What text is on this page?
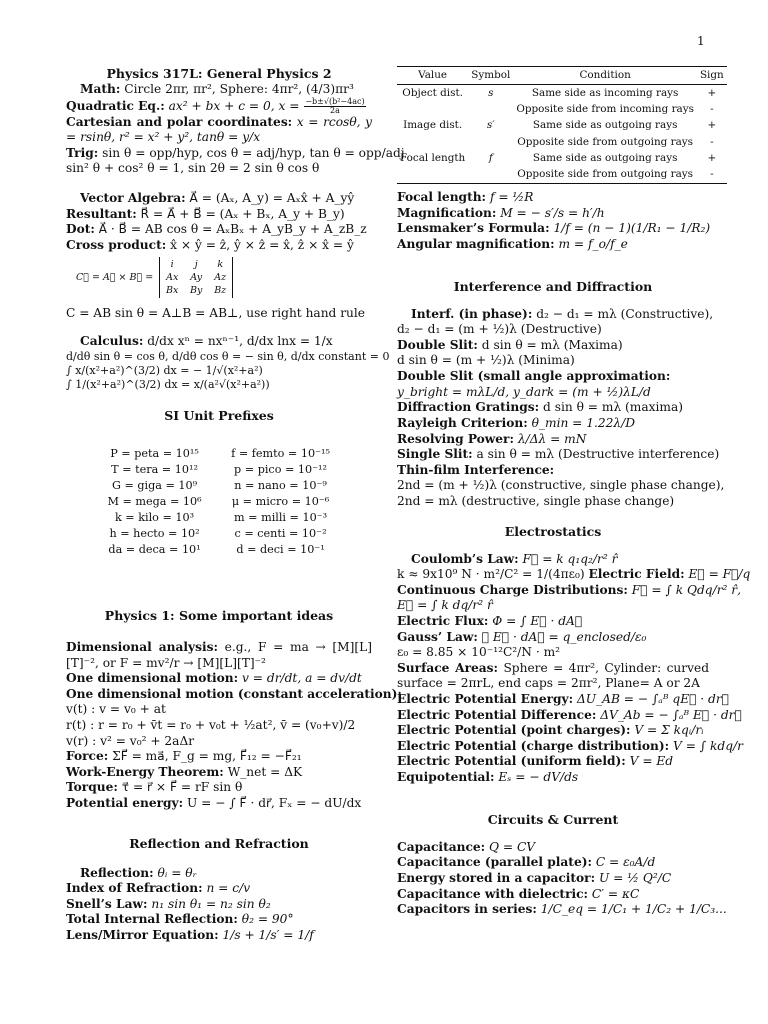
1
Physics 317L: General Physics 2
Math: Circle 2πr, πr², Sphere: 4πr², (4/3)πr³
Quadratic Eq.: ax² + bx + c = 0, $x = \frac{\text{−b±√(b²−4ac)}}{2a}$
Cartesian and polar coordinates: x = rcosθ, y = rsinθ, r² = x² + y², tanθ = y/x
Trig: sin θ = opp/hyp, cos θ = adj/hyp, tan θ = opp/adj
sin² θ + cos² θ = 1, sin 2θ = 2 sin θ cos θ
Vector Algebra: A⃗ = (Aₓ, A_y) = Aₓx̂ + A_yŷ
Resultant: R⃗ = A⃗ + B⃗ = (Aₓ + Bₓ, A_y + B_y)
Dot: A⃗ · B⃗ = AB cos θ = AₓBₓ + A_yB_y + A_zB_z
Cross product: x̂ × ŷ = ẑ, ŷ × ẑ = x̂, ẑ × x̂ = ŷ
C⃗ = A⃗ × B⃗ =
i	j	k
Ax	Ay	Az
Bx	By	Bz
C = AB sin θ = A⊥B = AB⊥, use right hand rule
Calculus: d/dx xⁿ = nxⁿ⁻¹, d/dx lnx = 1/x
d/dθ sin θ = cos θ, d/dθ cos θ = − sin θ, d/dx constant = 0
∫ x/(x²+a²)^(3/2) dx = − 1/√(x²+a²)
∫ 1/(x²+a²)^(3/2) dx = x/(a²√(x²+a²))
SI Unit Prefixes
P = peta = 10¹⁵	f = femto = 10⁻¹⁵
T = tera = 10¹²	p = pico = 10⁻¹²
G = giga = 10⁹	n = nano = 10⁻⁹
M = mega = 10⁶	μ = micro = 10⁻⁶
k = kilo = 10³	m = milli = 10⁻³
h = hecto = 10²	c = centi = 10⁻²
da = deca = 10¹	d = deci = 10⁻¹
Physics 1: Some important ideas
Dimensional analysis: e.g., F = ma → [M][L][T]⁻², or F = mv²/r → [M][L][T]⁻²
One dimensional motion: v = dr/dt, a = dv/dt
One dimensional motion (constant acceleration):
v(t) : v = v₀ + at
r(t) : r = r₀ + v̄t = r₀ + v₀t + ½at², v̄ = (v₀+v)/2
v(r) : v² = v₀² + 2aΔr
Force: ΣF⃗ = ma⃗, F_g = mg, F⃗₁₂ = −F⃗₂₁
Work-Energy Theorem: W_net = ΔK
Torque: τ⃗ = r⃗ × F⃗ = rF sin θ
Potential energy: U = − ∫ F⃗ · dr⃗, Fₓ = − dU/dx
Reflection and Refraction
Reflection: θᵢ = θᵣ
Index of Refraction: n = c/v
Snell’s Law: n₁ sin θ₁ = n₂ sin θ₂
Total Internal Reflection: θ₂ = 90°
Lens/Mirror Equation: 1/s + 1/s′ = 1/f
Value	Symbol	Condition	Sign
Object dist.	s	Same side as incoming rays	+
		Opposite side from incoming rays	-
Image dist.	s′	Same side as outgoing rays	+
		Opposite side from outgoing rays	-
Focal length	f	Same side as outgoing rays	+
		Opposite side from outgoing rays	-
Focal length: f = ½R
Magnification: M = − s′/s = h′/h
Lensmaker’s Formula: 1/f = (n − 1)(1/R₁ − 1/R₂)
Angular magnification: m = f_o/f_e
Interference and Diffraction
Interf. (in phase): d₂ − d₁ = mλ (Constructive),
d₂ − d₁ = (m + ½)λ (Destructive)
Double Slit: d sin θ = mλ (Maxima)
d sin θ = (m + ½)λ (Minima)
Double Slit (small angle approximation:
y_bright = mλL/d, y_dark = (m + ½)λL/d
Diffraction Gratings: d sin θ = mλ (maxima)
Rayleigh Criterion: θ_min = 1.22λ/D
Resolving Power: λ/Δλ = mN
Single Slit: a sin θ = mλ (Destructive interference)
Thin-film Interference:
2nd = (m + ½)λ (constructive, single phase change),
2nd = mλ (destructive, single phase change)
Electrostatics
Coulomb’s Law: F⃗ = k q₁q₂/r² r̂
k ≈ 9x10⁹ N · m²/C² = 1/(4πε₀) Electric Field: E⃗ = F⃗/q
Continuous Charge Distributions: F⃗ = ∫ k Qdq/r² r̂,
E⃗ = ∫ k dq/r² r̂
Electric Flux: Φ = ∫ E⃗ · dA⃗
Gauss’ Law: ∮ E⃗ · dA⃗ = q_enclosed/ε₀
ε₀ = 8.85 × 10⁻¹²C²/N · m²
Surface Areas: Sphere = 4πr², Cylinder: curved surface = 2πrL, end caps = 2πr², Plane= A or 2A
Electric Potential Energy: ΔU_AB = − ∫ₐᴮ qE⃗ · dr⃗
Electric Potential Difference: ΔV_Ab = − ∫ₐᴮ E⃗ · dr⃗
Electric Potential (point charges): V = Σ kqᵢ/rᵢ
Electric Potential (charge distribution): V = ∫ kdq/r
Electric Potential (uniform field): V = Ed
Equipotential: Eₛ = − dV/ds
Circuits & Current
Capacitance: Q = CV
Capacitance (parallel plate): C = ε₀A/d
Energy stored in a capacitor: U = ½ Q²/C
Capacitance with dielectric: C′ = κC
Capacitors in series: 1/C_eq = 1/C₁ + 1/C₂ + 1/C₃...
